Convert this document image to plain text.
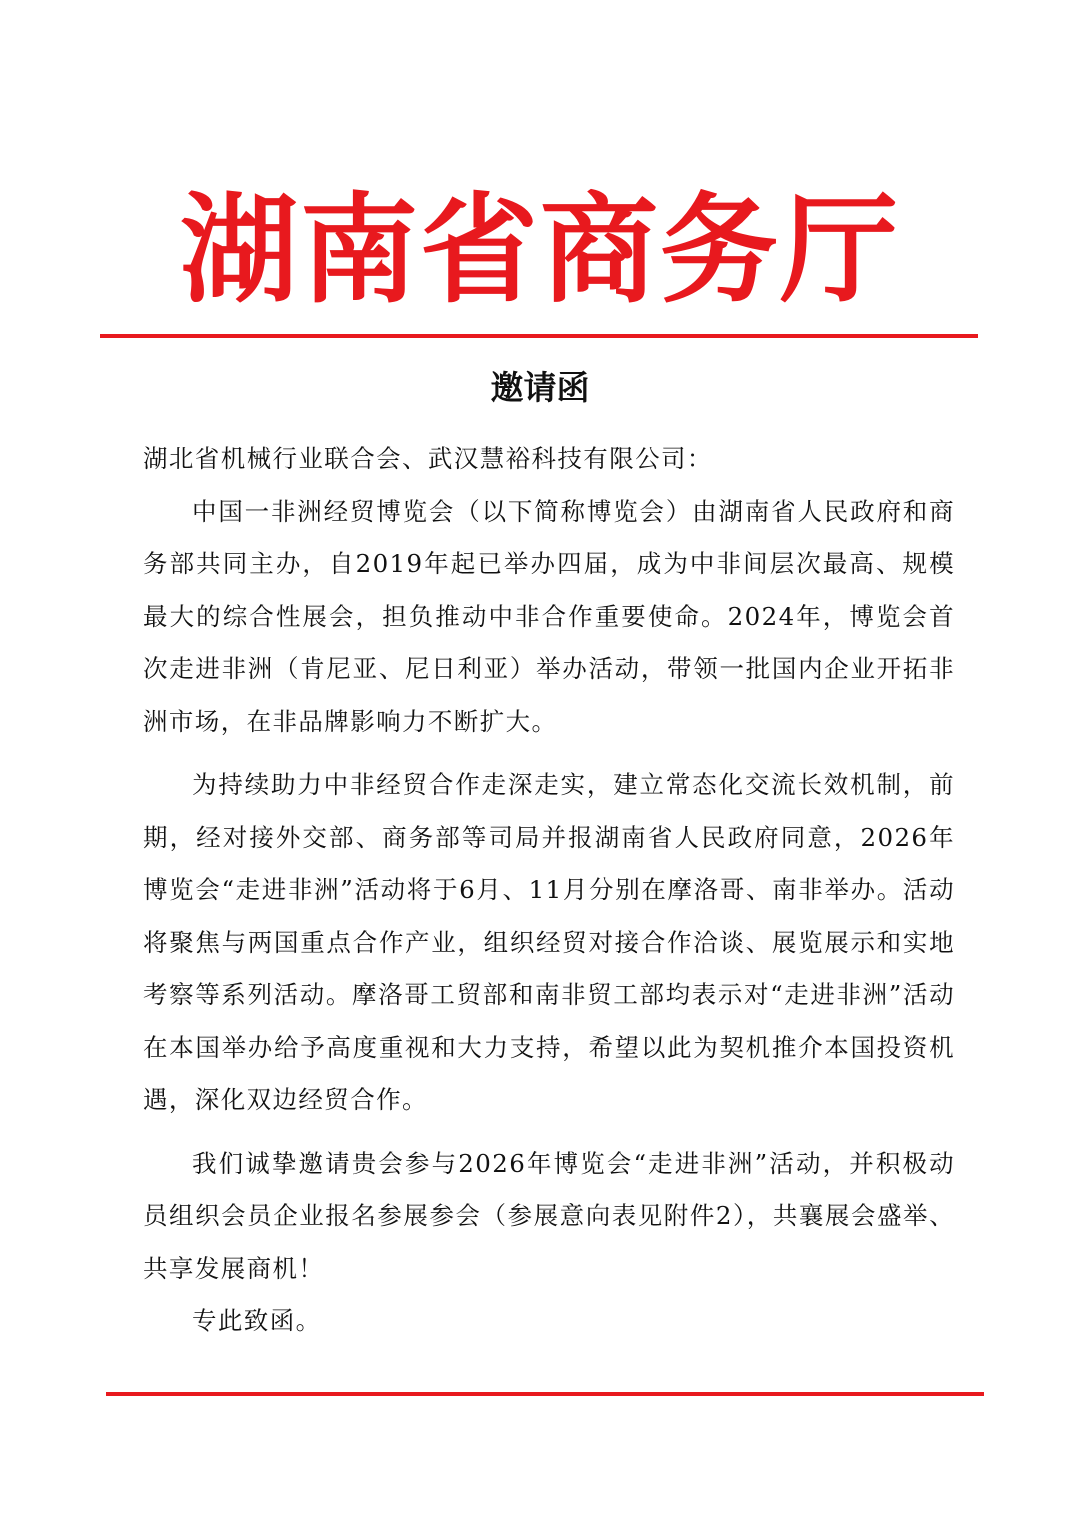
湖南省商务厅
邀请函

湖北省机械行业联合会、武汉慧裕科技有限公司：

中国一非洲经贸博览会（以下简称博览会）由湖南省人民政府和商务部共同主办，自2019年起已举办四届，成为中非间层次最高、规模最大的综合性展会，担负推动中非合作重要使命。2024年，博览会首次走进非洲（肯尼亚、尼日利亚）举办活动，带领一批国内企业开拓非洲市场，在非品牌影响力不断扩大。

为持续助力中非经贸合作走深走实，建立常态化交流长效机制，前期，经对接外交部、商务部等司局并报湖南省人民政府同意，2026年博览会“走进非洲”活动将于6月、11月分别在摩洛哥、南非举办。活动将聚焦与两国重点合作产业，组织经贸对接合作洽谈、展览展示和实地考察等系列活动。摩洛哥工贸部和南非贸工部均表示对“走进非洲”活动在本国举办给予高度重视和大力支持，希望以此为契机推介本国投资机遇，深化双边经贸合作。

我们诚挚邀请贵会参与2026年博览会“走进非洲”活动，并积极动员组织会员企业报名参展参会（参展意向表见附件2），共襄展会盛举、共享发展商机！

专此致函。
